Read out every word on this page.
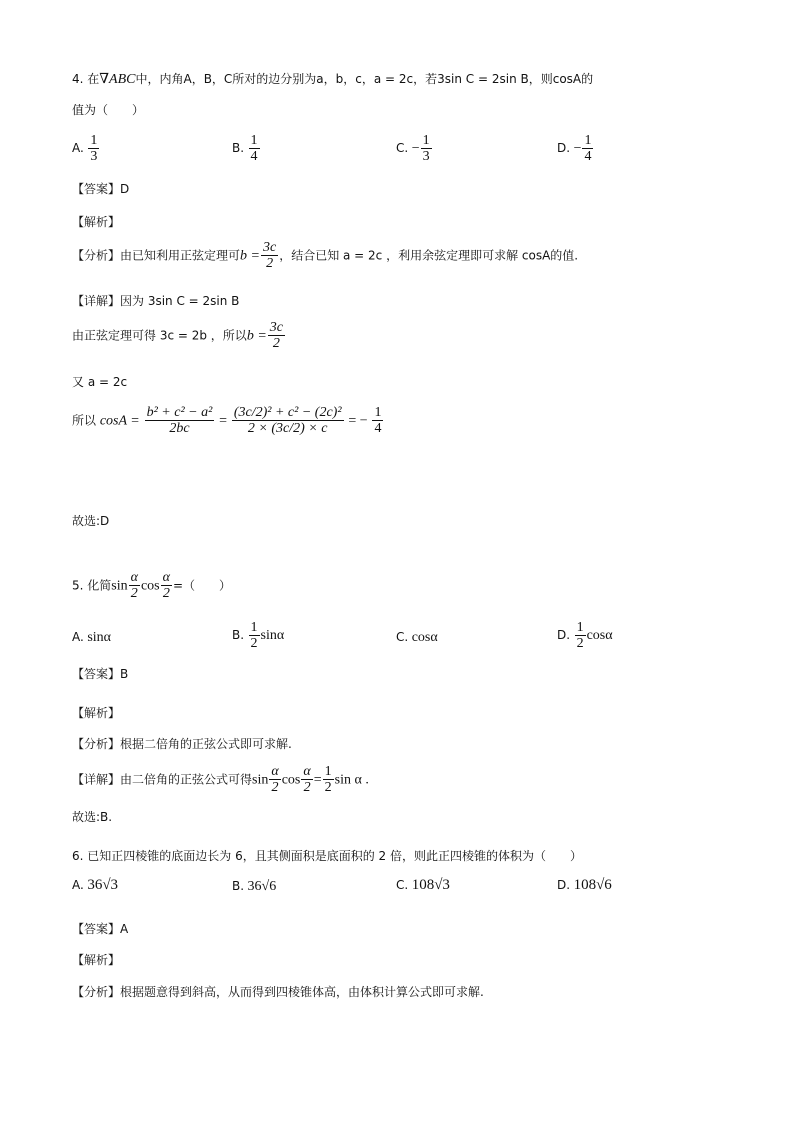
4. 在∇ABC中，内角A，B，C所对的边分别为a，b，c，a = 2c，若3sin C = 2sin B，则cosA的
值为（　　）
A. $\frac{1}{3}$	B. $\frac{1}{4}$	C. − $\frac{1}{3}$	D. − $\frac{1}{4}$
【答案】D
【解析】
【分析】由已知利用正弦定理可$b = \frac{3c}{2}$ ，结合已知 a = 2c ，利用余弦定理即可求解 cosA的值.
【详解】因为 3sin C = 2sin B
由正弦定理可得 3c = 2b ，所以$b = \frac{3c}{2}$
又 a = 2c
所以 $\cos A = \frac{\text{b² + c² − a²}}{2bc} = \frac{\text{(3c/2)² + c² − (2c)²}}{2 \times (3c/2) \times c}$ = − $\frac{1}{4}$
故选:D
5. 化简$\sin \frac{\alpha}{2}$ $\cos \frac{\alpha}{2}$ =（　　）
A. sinα	B. $\frac{1}{2}$ sinα	C. cosα	D. $\frac{1}{2}$ cosα
【答案】B
【解析】
【分析】根据二倍角的正弦公式即可求解.
【详解】由二倍角的正弦公式可得$\sin \frac{\alpha}{2}$ $\cos \frac{\alpha}{2} = \frac{1}{2}$ sin α .
故选:B.
6. 已知正四棱锥的底面边长为 6，且其侧面积是底面积的 2 倍，则此正四棱锥的体积为（　　）
A. 36√3	B. 36√6	C. 108√3	D. 108√6
【答案】A
【解析】
【分析】根据题意得到斜高，从而得到四棱锥体高，由体积计算公式即可求解.
